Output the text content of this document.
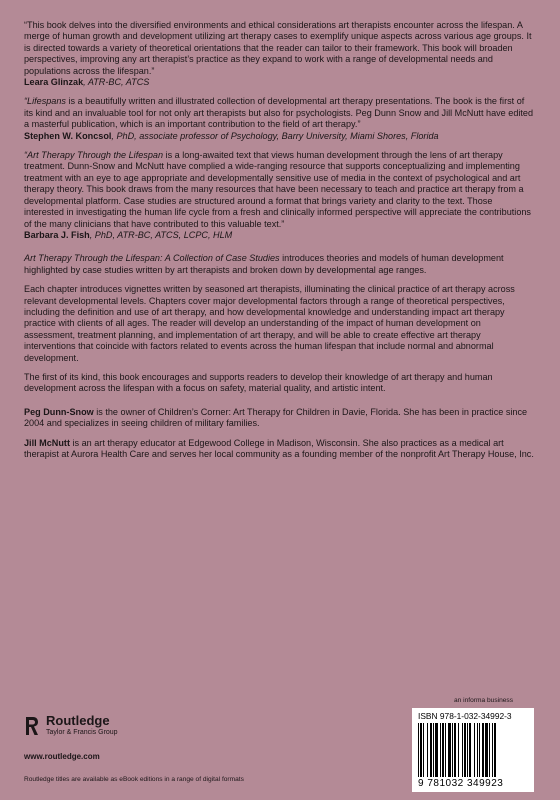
“This book delves into the diversified environments and ethical considerations art therapists encounter across the lifespan. A merge of human growth and development utilizing art therapy cases to exemplify unique aspects across various age groups. It is directed towards a variety of theoretical orientations that the reader can tailor to their framework. This book will broaden perspectives, improving any art therapist’s practice as they expand to work with a range of developmental needs and populations across the lifespan.”
Leara Glinzak, ATR-BC, ATCS

“Lifespans is a beautifully written and illustrated collection of developmental art therapy presentations. The book is the first of its kind and an invaluable tool for not only art therapists but also for psychologists. Peg Dunn Snow and Jill McNutt have edited a masterful publication, which is an important contribution to the field of art therapy.”
Stephen W. Koncsol, PhD, associate professor of Psychology, Barry University, Miami Shores, Florida

“Art Therapy Through the Lifespan is a long-awaited text that views human development through the lens of art therapy treatment. Dunn-Snow and McNutt have complied a wide-ranging resource that supports conceptualizing and implementing treatment with an eye to age appropriate and developmentally sensitive use of media in the context of psychological and art therapy theory. This book draws from the many resources that have been necessary to teach and practice art therapy from a developmental platform. Case studies are structured around a format that brings variety and clarity to the text. Those interested in investigating the human life cycle from a fresh and clinically informed perspective will appreciate the contributions of the many clinicians that have contributed to this valuable text.”
Barbara J. Fish, PhD, ATR-BC, ATCS, LCPC, HLM

Art Therapy Through the Lifespan: A Collection of Case Studies introduces theories and models of human development highlighted by case studies written by art therapists and broken down by developmental age ranges.

Each chapter introduces vignettes written by seasoned art therapists, illuminating the clinical practice of art therapy across relevant developmental levels. Chapters cover major developmental factors through a range of theoretical perspectives, including the definition and use of art therapy, and how developmental knowledge and understanding impact art therapy practice with clients of all ages. The reader will develop an understanding of the impact of human development on assessment, treatment planning, and implementation of art therapy, and will be able to create effective art therapy interventions that coincide with factors related to events across the human lifespan that include normal and abnormal development.

The first of its kind, this book encourages and supports readers to develop their knowledge of art therapy and human development across the lifespan with a focus on safety, material quality, and artistic intent.

Peg Dunn-Snow is the owner of Children’s Corner: Art Therapy for Children in Davie, Florida. She has been in practice since 2004 and specializes in seeing children of military families.

Jill McNutt is an art therapy educator at Edgewood College in Madison, Wisconsin. She also practices as a medical art therapist at Aurora Health Care and serves her local community as a founding member of the nonprofit Art Therapy House, Inc.

Routledge
Taylor & Francis Group
www.routledge.com
Routledge titles are available as eBook editions in a range of digital formats
an informa business
ISBN 978-1-032-34992-3
9 781032 349923
